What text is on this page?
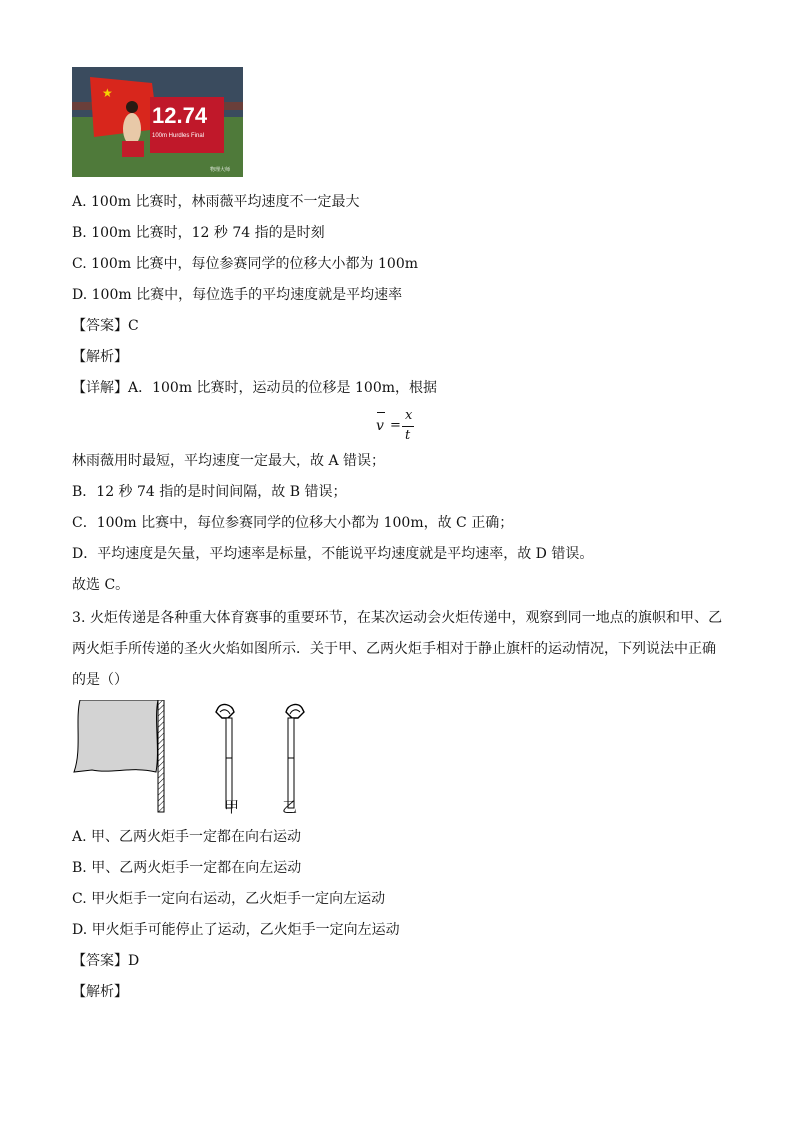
★
12.74
100m Hurdles Final
物理大师
A. 100m 比赛时，林雨薇平均速度不一定最大
B. 100m 比赛时，12 秒 74 指的是时刻
C. 100m 比赛中，每位参赛同学的位移大小都为 100m
D. 100m 比赛中，每位选手的平均速度就是平均速率
【答案】C
【解析】
【详解】A．100m 比赛时，运动员的位移是 100m，根据
v =
x
t
林雨薇用时最短，平均速度一定最大，故 A 错误；
B．12 秒 74 指的是时间间隔，故 B 错误；
C．100m 比赛中，每位参赛同学的位移大小都为 100m，故 C 正确；
D．平均速度是矢量，平均速率是标量，不能说平均速度就是平均速率，故 D 错误。
故选 C。
3. 火炬传递是各种重大体育赛事的重要环节，在某次运动会火炬传递中，观察到同一地点的旗帜和甲、乙
两火炬手所传递的圣火火焰如图所示．关于甲、乙两火炬手相对于静止旗杆的运动情况，下列说法中正确
的是（）
甲	乙
A. 甲、乙两火炬手一定都在向右运动
B. 甲、乙两火炬手一定都在向左运动
C. 甲火炬手一定向右运动，乙火炬手一定向左运动
D. 甲火炬手可能停止了运动，乙火炬手一定向左运动
【答案】D
【解析】
